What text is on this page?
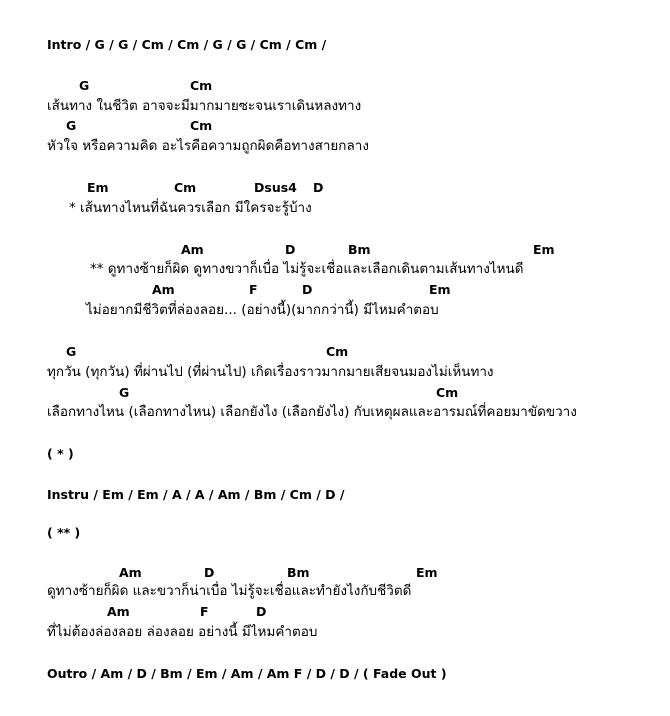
Intro / G / G / Cm / Cm / G / G / Cm / Cm /
G	Cm
เส้นทาง ในชีวิต อาจจะมีมากมายซะจนเราเดินหลงทาง
G	Cm
หัวใจ หรือความคิด อะไรคือความถูกผิดคือทางสายกลาง
Em	Cm	Dsus4 D
* เส้นทางไหนที่ฉันควรเลือก มีใครจะรู้บ้าง
Am	D	Bm	Em
** ดูทางซ้ายก็ผิด ดูทางขวาก็เบื่อ ไม่รู้จะเชื่อและเลือกเดินตามเส้นทางไหนดี
Am	F	D	Em
ไม่อยากมีชีวิตที่ล่องลอย... (อย่างนี้)(มากกว่านี้) มีไหมคำตอบ
G	Cm
ทุกวัน (ทุกวัน) ที่ผ่านไป (ที่ผ่านไป) เกิดเรื่องราวมากมายเสียจนมองไม่เห็นทาง
G	Cm
เลือกทางไหน (เลือกทางไหน) เลือกยังไง (เลือกยังไง) กับเหตุผลและอารมณ์ที่คอยมาขัดขวาง
( * )
Instru / Em / Em / A / A / Am / Bm / Cm / D /
( ** )
Am	D	Bm	Em
ดูทางซ้ายก็ผิด และขวาก็น่าเบื่อ ไม่รู้จะเชื่อและทำยังไงกับชีวิตดี
Am	F	D
ที่ไม่ต้องล่องลอย ล่องลอย อย่างนี้ มีไหมคำตอบ
Outro / Am / D / Bm / Em / Am / Am F / D / D / ( Fade Out )
